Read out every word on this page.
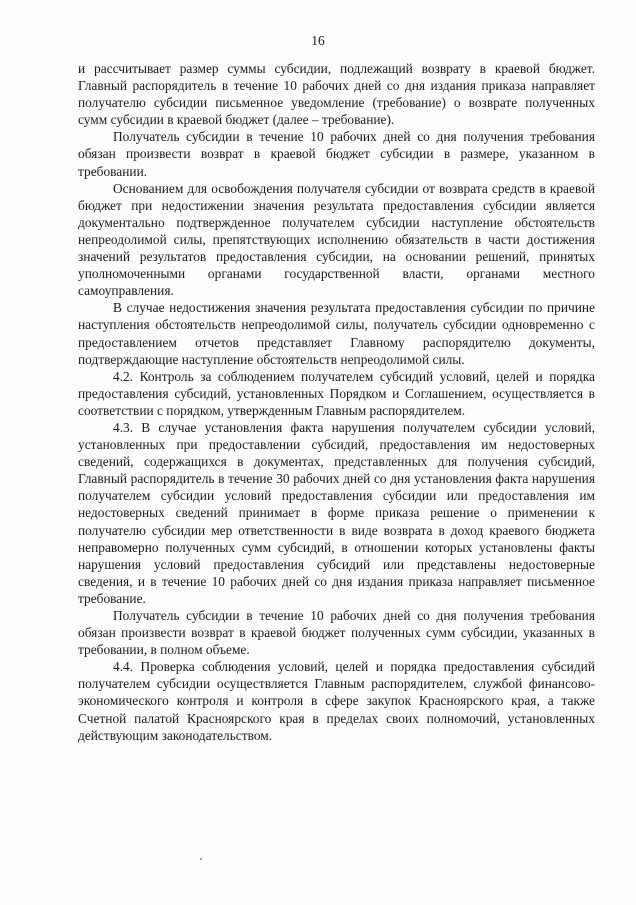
16

и рассчитывает размер суммы субсидии, подлежащий возврату в краевой бюджет. Главный распорядитель в течение 10 рабочих дней со дня издания приказа направляет получателю субсидии письменное уведомление (требование) о возврате полученных сумм субсидии в краевой бюджет (далее – требование).

Получатель субсидии в течение 10 рабочих дней со дня получения требования обязан произвести возврат в краевой бюджет субсидии в размере, указанном в требовании.

Основанием для освобождения получателя субсидии от возврата средств в краевой бюджет при недостижении значения результата предоставления субсидии является документально подтвержденное получателем субсидии наступление обстоятельств непреодолимой силы, препятствующих исполнению обязательств в части достижения значений результатов предоставления субсидии, на основании решений, принятых уполномоченными органами государственной власти, органами местного самоуправления.

В случае недостижения значения результата предоставления субсидии по причине наступления обстоятельств непреодолимой силы, получатель субсидии одновременно с предоставлением отчетов представляет Главному распорядителю документы, подтверждающие наступление обстоятельств непреодолимой силы.

4.2. Контроль за соблюдением получателем субсидий условий, целей и порядка предоставления субсидий, установленных Порядком и Соглашением, осуществляется в соответствии с порядком, утвержденным Главным распорядителем.

4.3. В случае установления факта нарушения получателем субсидии условий, установленных при предоставлении субсидий, предоставления им недостоверных сведений, содержащихся в документах, представленных для получения субсидий, Главный распорядитель в течение 30 рабочих дней со дня установления факта нарушения получателем субсидии условий предоставления субсидии или предоставления им недостоверных сведений принимает в форме приказа решение о применении к получателю субсидии мер ответственности в виде возврата в доход краевого бюджета неправомерно полученных сумм субсидий, в отношении которых установлены факты нарушения условий предоставления субсидий или представлены недостоверные сведения, и в течение 10 рабочих дней со дня издания приказа направляет письменное требование.

Получатель субсидии в течение 10 рабочих дней со дня получения требования обязан произвести возврат в краевой бюджет полученных сумм субсидии, указанных в требовании, в полном объеме.

4.4. Проверка соблюдения условий, целей и порядка предоставления субсидий получателем субсидии осуществляется Главным распорядителем, службой финансово-экономического контроля и контроля в сфере закупок Красноярского края, а также Счетной палатой Красноярского края в пределах своих полномочий, установленных действующим законодательством.
